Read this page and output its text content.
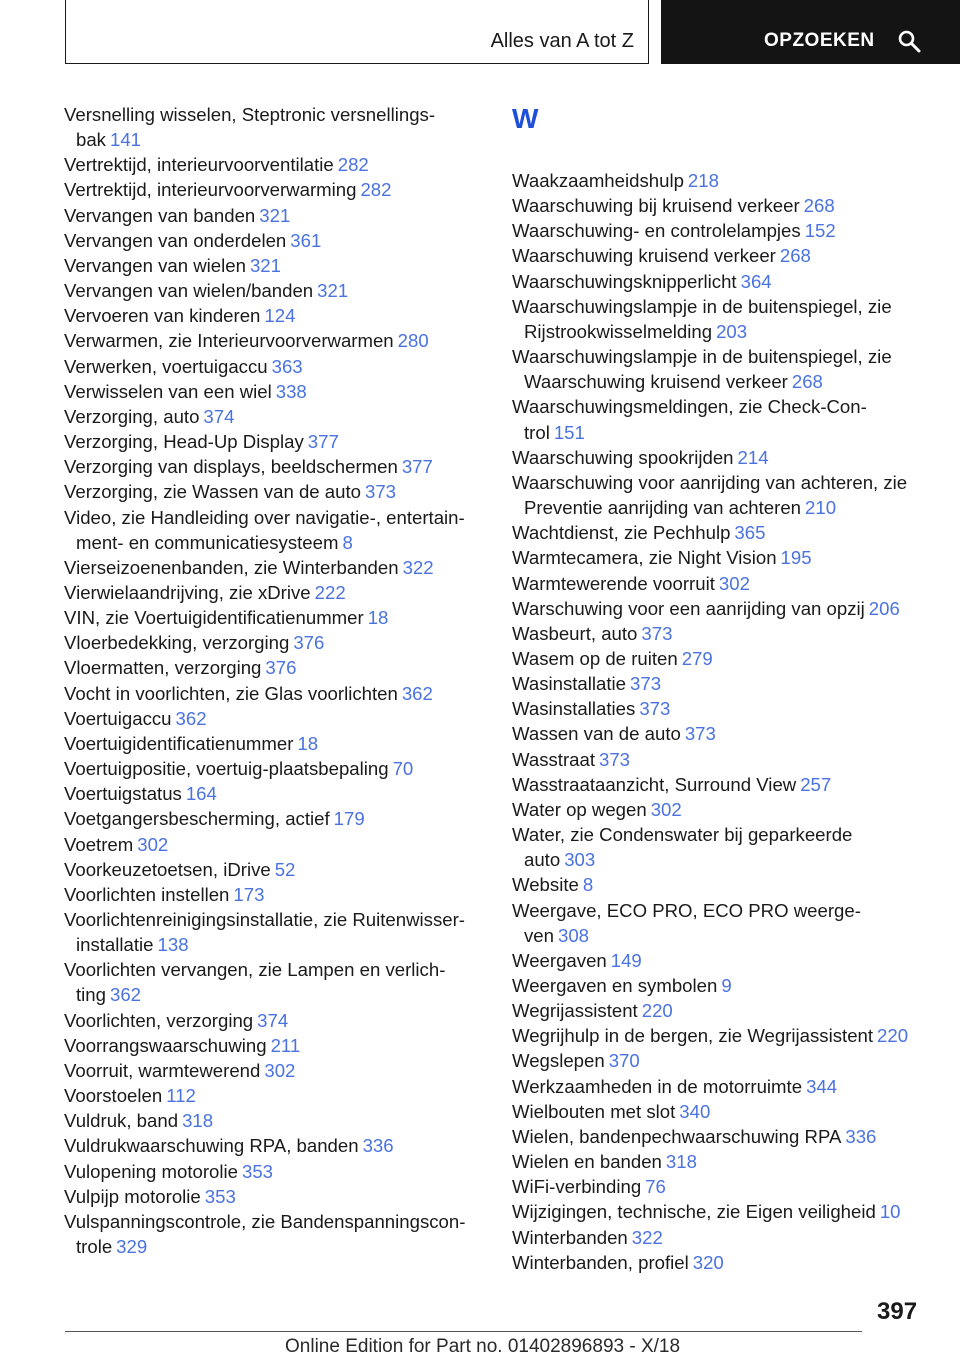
Alles van A tot Z	OPZOEKEN
Versnelling wisselen, Steptronic versnellings-
bak 141
Vertrektijd, interieurvoorventilatie 282
Vertrektijd, interieurvoorverwarming 282
Vervangen van banden 321
Vervangen van onderdelen 361
Vervangen van wielen 321
Vervangen van wielen/banden 321
Vervoeren van kinderen 124
Verwarmen, zie Interieurvoorverwarmen 280
Verwerken, voertuigaccu 363
Verwisselen van een wiel 338
Verzorging, auto 374
Verzorging, Head-Up Display 377
Verzorging van displays, beeldschermen 377
Verzorging, zie Wassen van de auto 373
Video, zie Handleiding over navigatie-, entertain-
ment- en communicatiesysteem 8
Vierseizoenenbanden, zie Winterbanden 322
Vierwielaandrijving, zie xDrive 222
VIN, zie Voertuigidentificatienummer 18
Vloerbedekking, verzorging 376
Vloermatten, verzorging 376
Vocht in voorlichten, zie Glas voorlichten 362
Voertuigaccu 362
Voertuigidentificatienummer 18
Voertuigpositie, voertuig-plaatsbepaling 70
Voertuigstatus 164
Voetgangersbescherming, actief 179
Voetrem 302
Voorkeuzetoetsen, iDrive 52
Voorlichten instellen 173
Voorlichtenreinigingsinstallatie, zie Ruitenwisser-
installatie 138
Voorlichten vervangen, zie Lampen en verlich-
ting 362
Voorlichten, verzorging 374
Voorrangswaarschuwing 211
Voorruit, warmtewerend 302
Voorstoelen 112
Vuldruk, band 318
Vuldrukwaarschuwing RPA, banden 336
Vulopening motorolie 353
Vulpijp motorolie 353
Vulspanningscontrole, zie Bandenspanningscon-
trole 329
W
Waakzaamheidshulp 218
Waarschuwing bij kruisend verkeer 268
Waarschuwing- en controlelampjes 152
Waarschuwing kruisend verkeer 268
Waarschuwingsknipperlicht 364
Waarschuwingslampje in de buitenspiegel, zie
Rijstrookwisselmelding 203
Waarschuwingslampje in de buitenspiegel, zie
Waarschuwing kruisend verkeer 268
Waarschuwingsmeldingen, zie Check-Con-
trol 151
Waarschuwing spookrijden 214
Waarschuwing voor aanrijding van achteren, zie
Preventie aanrijding van achteren 210
Wachtdienst, zie Pechhulp 365
Warmtecamera, zie Night Vision 195
Warmtewerende voorruit 302
Warschuwing voor een aanrijding van opzij 206
Wasbeurt, auto 373
Wasem op de ruiten 279
Wasinstallatie 373
Wasinstallaties 373
Wassen van de auto 373
Wasstraat 373
Wasstraataanzicht, Surround View 257
Water op wegen 302
Water, zie Condenswater bij geparkeerde
auto 303
Website 8
Weergave, ECO PRO, ECO PRO weerge-
ven 308
Weergaven 149
Weergaven en symbolen 9
Wegrijassistent 220
Wegrijhulp in de bergen, zie Wegrijassistent 220
Wegslepen 370
Werkzaamheden in de motorruimte 344
Wielbouten met slot 340
Wielen, bandenpechwaarschuwing RPA 336
Wielen en banden 318
WiFi-verbinding 76
Wijzigingen, technische, zie Eigen veiligheid 10
Winterbanden 322
Winterbanden, profiel 320
397
Online Edition for Part no. 01402896893 - X/18
